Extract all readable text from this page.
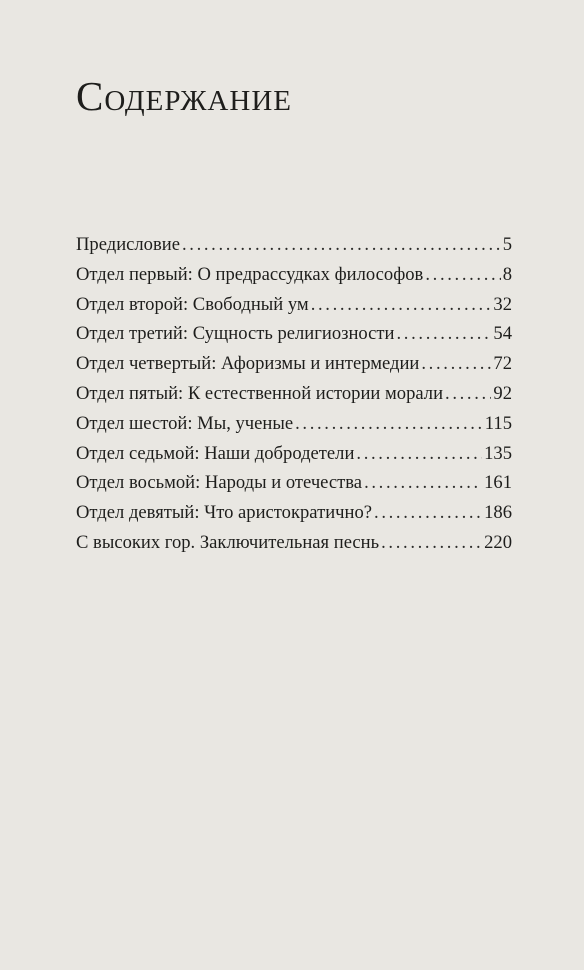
Содержание
Предисловие . . .	5
Отдел первый: О предрассудках философов . . .	8
Отдел второй: Свободный ум . . .	32
Отдел третий: Сущность религиозности . . .	54
Отдел четвертый: Афоризмы и интермедии . . .	72
Отдел пятый: К естественной истории морали . . .	92
Отдел шестой: Мы, ученые . . .	115
Отдел седьмой: Наши добродетели . . .	135
Отдел восьмой: Народы и отечества . . .	161
Отдел девятый: Что аристократично? . . .	186
С высоких гор. Заключительная песнь . . .	220
